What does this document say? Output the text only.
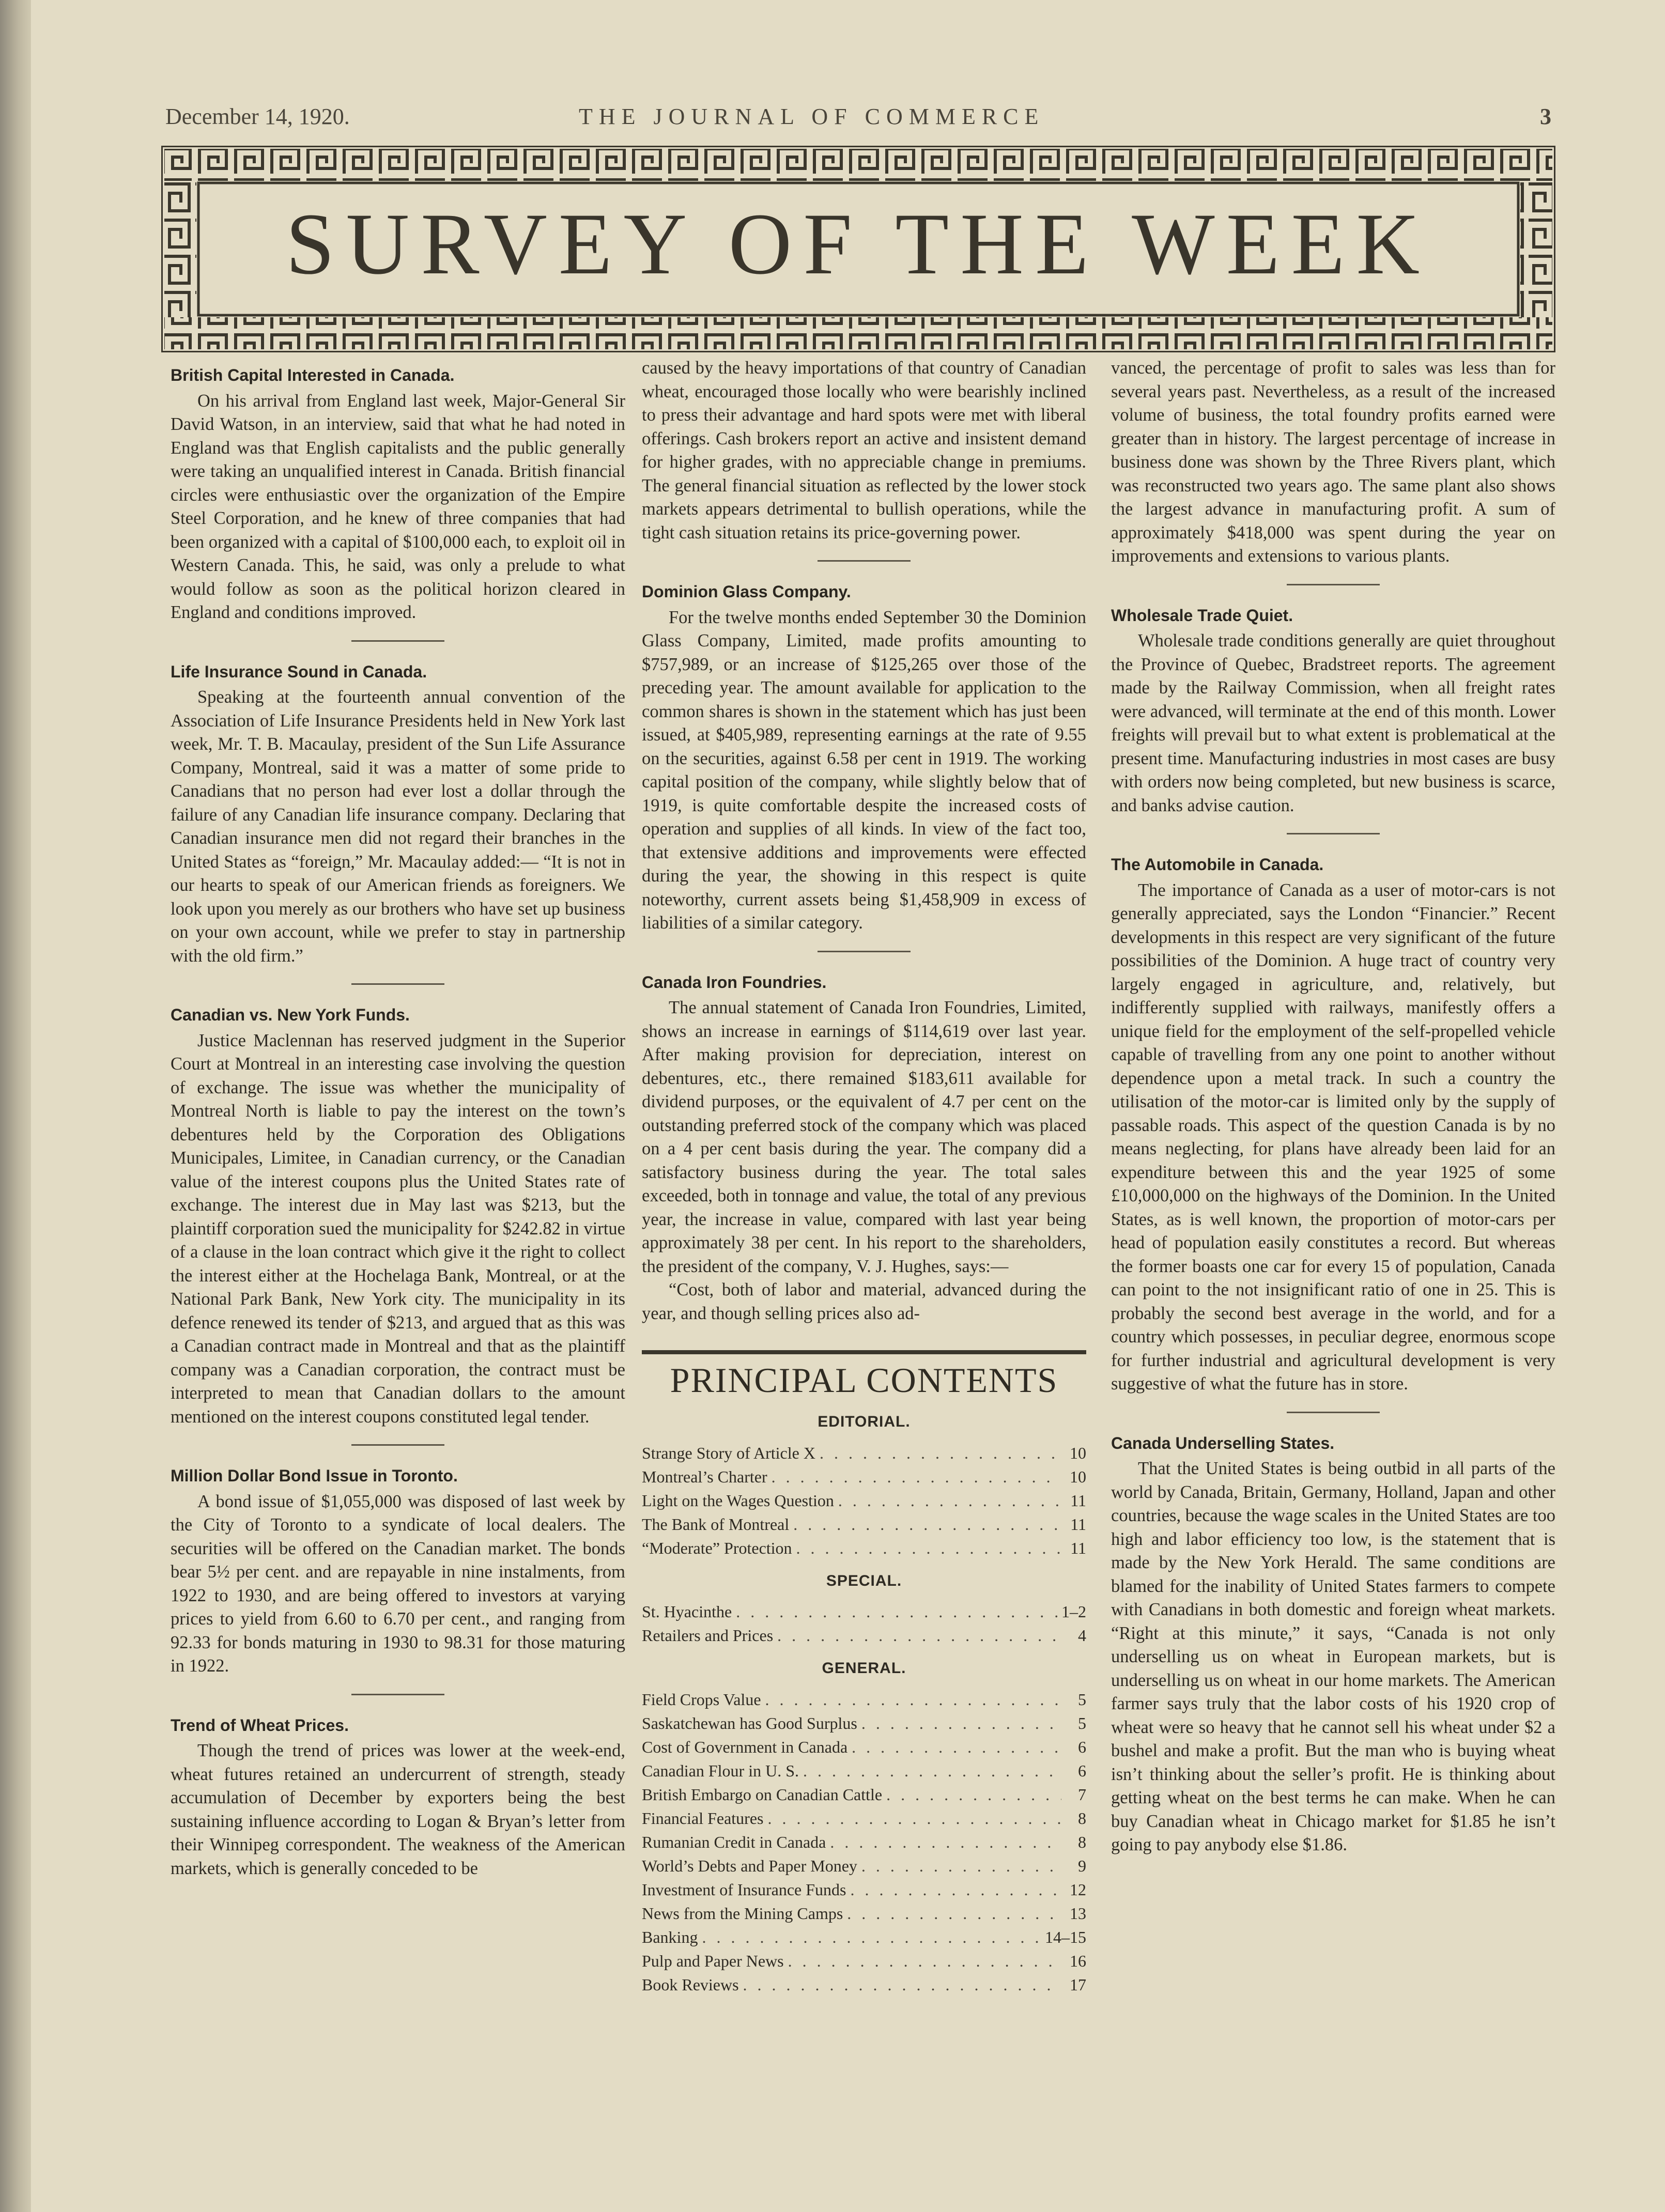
December 14, 1920.	THE JOURNAL OF COMMERCE	3
SURVEY OF THE WEEK
British Capital Interested in Canada.

On his arrival from England last week, Major-General Sir David Watson, in an interview, said that what he had noted in England was that English capitalists and the public generally were taking an unqualified interest in Canada. British financial circles were enthusiastic over the organization of the Empire Steel Corporation, and he knew of three companies that had been organized with a capital of $100,000 each, to exploit oil in Western Canada. This, he said, was only a prelude to what would follow as soon as the political horizon cleared in England and conditions improved.

Life Insurance Sound in Canada.

Speaking at the fourteenth annual convention of the Association of Life Insurance Presidents held in New York last week, Mr. T. B. Macaulay, president of the Sun Life Assurance Company, Montreal, said it was a matter of some pride to Canadians that no person had ever lost a dollar through the failure of any Canadian life insurance company. Declaring that Canadian insurance men did not regard their branches in the United States as “foreign,” Mr. Macaulay added:— “It is not in our hearts to speak of our American friends as foreigners. We look upon you merely as our brothers who have set up business on your own account, while we prefer to stay in partnership with the old firm.”

Canadian vs. New York Funds.

Justice Maclennan has reserved judgment in the Superior Court at Montreal in an interesting case involving the question of exchange. The issue was whether the municipality of Montreal North is liable to pay the interest on the town’s debentures held by the Corporation des Obligations Municipales, Limitee, in Canadian currency, or the Canadian value of the interest coupons plus the United States rate of exchange. The interest due in May last was $213, but the plaintiff corporation sued the municipality for $242.82 in virtue of a clause in the loan contract which give it the right to collect the interest either at the Hochelaga Bank, Montreal, or at the National Park Bank, New York city. The municipality in its defence renewed its tender of $213, and argued that as this was a Canadian contract made in Montreal and that as the plaintiff company was a Canadian corporation, the contract must be interpreted to mean that Canadian dollars to the amount mentioned on the interest coupons constituted legal tender.

Million Dollar Bond Issue in Toronto.

A bond issue of $1,055,000 was disposed of last week by the City of Toronto to a syndicate of local dealers. The securities will be offered on the Canadian market. The bonds bear 5½ per cent. and are repayable in nine instalments, from 1922 to 1930, and are being offered to investors at varying prices to yield from 6.60 to 6.70 per cent., and ranging from 92.33 for bonds maturing in 1930 to 98.31 for those maturing in 1922.

Trend of Wheat Prices.

Though the trend of prices was lower at the week-end, wheat futures retained an undercurrent of strength, steady accumulation of December by exporters being the best sustaining influence according to Logan & Bryan’s letter from their Winnipeg correspondent. The weakness of the American markets, which is generally conceded to be

caused by the heavy importations of that country of Canadian wheat, encouraged those locally who were bearishly inclined to press their advantage and hard spots were met with liberal offerings. Cash brokers report an active and insistent demand for higher grades, with no appreciable change in premiums. The general financial situation as reflected by the lower stock markets appears detrimental to bullish operations, while the tight cash situation retains its price-governing power.

Dominion Glass Company.

For the twelve months ended September 30 the Dominion Glass Company, Limited, made profits amounting to $757,989, or an increase of $125,265 over those of the preceding year. The amount available for application to the common shares is shown in the statement which has just been issued, at $405,989, representing earnings at the rate of 9.55 on the securities, against 6.58 per cent in 1919. The working capital position of the company, while slightly below that of 1919, is quite comfortable despite the increased costs of operation and supplies of all kinds. In view of the fact too, that extensive additions and improvements were effected during the year, the showing in this respect is quite noteworthy, current assets being $1,458,909 in excess of liabilities of a similar category.

Canada Iron Foundries.

The annual statement of Canada Iron Foundries, Limited, shows an increase in earnings of $114,619 over last year. After making provision for depreciation, interest on debentures, etc., there remained $183,611 available for dividend purposes, or the equivalent of 4.7 per cent on the outstanding preferred stock of the company which was placed on a 4 per cent basis during the year. The company did a satisfactory business during the year. The total sales exceeded, both in tonnage and value, the total of any previous year, the increase in value, compared with last year being approximately 38 per cent. In his report to the shareholders, the president of the company, V. J. Hughes, says:—

“Cost, both of labor and material, advanced during the year, and though selling prices also ad-

PRINCIPAL CONTENTS
EDITORIAL.
Strange Story of Article X . . .	10
Montreal’s Charter . . .	10
Light on the Wages Question . . .	11
The Bank of Montreal . . .	11
“Moderate” Protection . . .	11
SPECIAL.
St. Hyacinthe . . .	1–2
Retailers and Prices . . .	4
GENERAL.
Field Crops Value . . .	5
Saskatchewan has Good Surplus . . .	5
Cost of Government in Canada . . .	6
Canadian Flour in U. S. . . .	6
British Embargo on Canadian Cattle . . .	7
Financial Features . . .	8
Rumanian Credit in Canada . . .	8
World’s Debts and Paper Money . . .	9
Investment of Insurance Funds . . .	12
News from the Mining Camps . . .	13
Banking . . .	14–15
Pulp and Paper News . . .	16
Book Reviews . . .	17

vanced, the percentage of profit to sales was less than for several years past. Nevertheless, as a result of the increased volume of business, the total foundry profits earned were greater than in history. The largest percentage of increase in business done was shown by the Three Rivers plant, which was reconstructed two years ago. The same plant also shows the largest advance in manufacturing profit. A sum of approximately $418,000 was spent during the year on improvements and extensions to various plants.

Wholesale Trade Quiet.

Wholesale trade conditions generally are quiet throughout the Province of Quebec, Bradstreet reports. The agreement made by the Railway Commission, when all freight rates were advanced, will terminate at the end of this month. Lower freights will prevail but to what extent is problematical at the present time. Manufacturing industries in most cases are busy with orders now being completed, but new business is scarce, and banks advise caution.

The Automobile in Canada.

The importance of Canada as a user of motor-cars is not generally appreciated, says the London “Financier.” Recent developments in this respect are very significant of the future possibilities of the Dominion. A huge tract of country very largely engaged in agriculture, and, relatively, but indifferently supplied with railways, manifestly offers a unique field for the employment of the self-propelled vehicle capable of travelling from any one point to another without dependence upon a metal track. In such a country the utilisation of the motor-car is limited only by the supply of passable roads. This aspect of the question Canada is by no means neglecting, for plans have already been laid for an expenditure between this and the year 1925 of some £10,000,000 on the highways of the Dominion. In the United States, as is well known, the proportion of motor-cars per head of population easily constitutes a record. But whereas the former boasts one car for every 15 of population, Canada can point to the not insignificant ratio of one in 25. This is probably the second best average in the world, and for a country which possesses, in peculiar degree, enormous scope for further industrial and agricultural development is very suggestive of what the future has in store.

Canada Underselling States.

That the United States is being outbid in all parts of the world by Canada, Britain, Germany, Holland, Japan and other countries, because the wage scales in the United States are too high and labor efficiency too low, is the statement that is made by the New York Herald. The same conditions are blamed for the inability of United States farmers to compete with Canadians in both domestic and foreign wheat markets. “Right at this minute,” it says, “Canada is not only underselling us on wheat in European markets, but is underselling us on wheat in our home markets. The American farmer says truly that the labor costs of his 1920 crop of wheat were so heavy that he cannot sell his wheat under $2 a bushel and make a profit. But the man who is buying wheat isn’t thinking about the seller’s profit. He is thinking about getting wheat on the best terms he can make. When he can buy Canadian wheat in Chicago market for $1.85 he isn’t going to pay anybody else $1.86.
